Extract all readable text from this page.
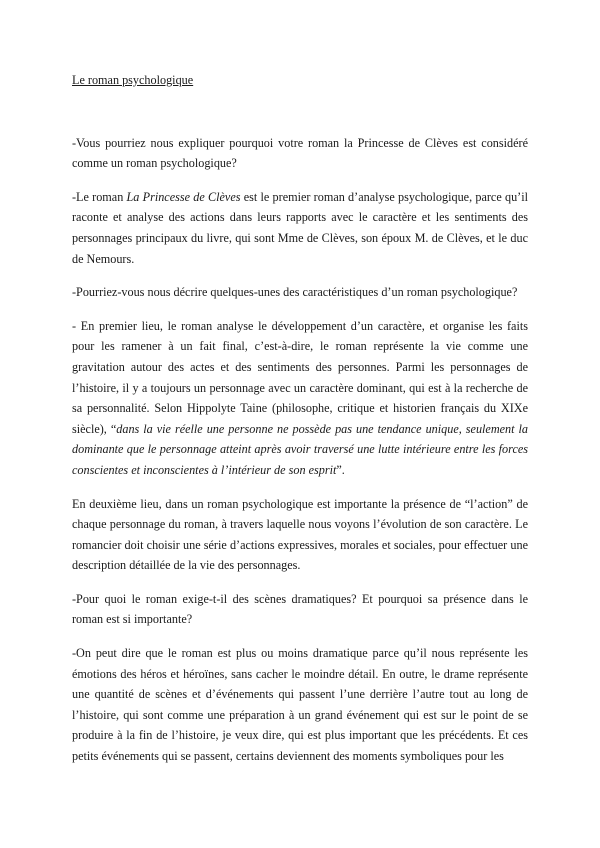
Le roman psychologique

-Vous pourriez nous expliquer pourquoi votre roman la Princesse de Clèves est considéré comme un roman psychologique?

-Le roman La Princesse de Clèves est le premier roman d’analyse psychologique, parce qu’il raconte et analyse des actions dans leurs rapports avec le caractère et les sentiments des personnages principaux du livre, qui sont Mme de Clèves, son époux M. de Clèves, et le duc de Nemours.

-Pourriez-vous nous décrire quelques-unes des caractéristiques d’un roman psychologique?

- En premier lieu, le roman analyse le développement d’un caractère, et organise les faits pour les ramener à un fait final, c’est-à-dire, le roman représente la vie comme une gravitation autour des actes et des sentiments des personnes. Parmi les personnages de l’histoire, il y a toujours un personnage avec un caractère dominant, qui est à la recherche de sa personnalité. Selon Hippolyte Taine (philosophe, critique et historien français du XIXe siècle), “dans la vie réelle une personne ne possède pas une tendance unique, seulement la dominante que le personnage atteint après avoir traversé une lutte intérieure entre les forces conscientes et inconscientes à l’intérieur de son esprit”.

En deuxième lieu, dans un roman psychologique est importante la présence de “l’action” de chaque personnage du roman, à travers laquelle nous voyons l’évolution de son caractère. Le romancier doit choisir une série d’actions expressives, morales et sociales, pour effectuer une description détaillée de la vie des personnages.

-Pour quoi le roman exige-t-il des scènes dramatiques? Et pourquoi sa présence dans le roman est si importante?

-On peut dire que le roman est plus ou moins dramatique parce qu’il nous représente les émotions des héros et héroïnes, sans cacher le moindre détail. En outre, le drame représente une quantité de scènes et d’événements qui passent l’une derrière l’autre tout au long de l’histoire, qui sont comme une préparation à un grand événement qui est sur le point de se produire à la fin de l’histoire, je veux dire, qui est plus important que les précédents. Et ces petits événements qui se passent, certains deviennent des moments symboliques pour les
